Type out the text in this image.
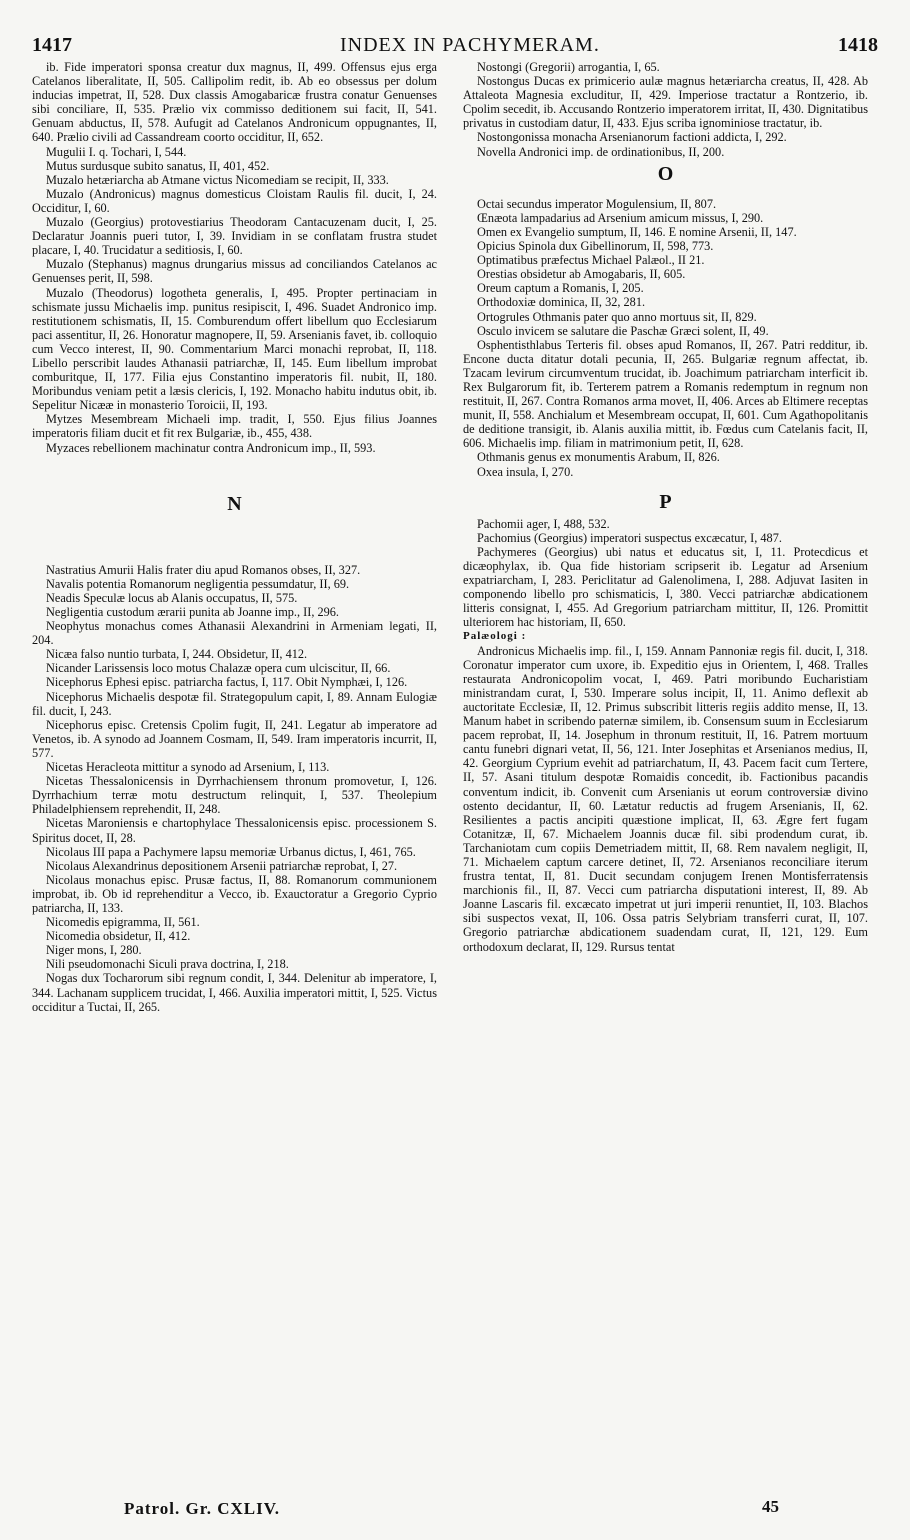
1417	INDEX IN PACHYMERAM.	1418

ib. Fide imperatori sponsa creatur dux magnus, II, 499. Offensus ejus erga Catelanos liberalitate, II, 505. Callipolim redit, ib. Ab eo obsessus per dolum inducias impetrat, II, 528. Dux classis Amogabaricæ frustra conatur Genuenses sibi conciliare, II, 535. Prælio vix commisso deditionem sui facit, II, 541. Genuam abductus, II, 578. Aufugit ad Catelanos Andronicum oppugnantes, II, 640. Prælio civili ad Cassandream coorto occiditur, II, 652.

Mugulii I. q. Tochari, I, 544.

Mutus surdusque subito sanatus, II, 401, 452.

Muzalo hetæriarcha ab Atmane victus Nicomediam se recipit, II, 333.

Muzalo (Andronicus) magnus domesticus Cloistam Raulis fil. ducit, I, 24. Occiditur, I, 60.

Muzalo (Georgius) protovestiarius Theodoram Cantacuzenam ducit, I, 25. Declaratur Joannis pueri tutor, I, 39. Invidiam in se conflatam frustra studet placare, I, 40. Trucidatur a seditiosis, I, 60.

Muzalo (Stephanus) magnus drungarius missus ad conciliandos Catelanos ac Genuenses perit, II, 598.

Muzalo (Theodorus) logotheta generalis, I, 495. Propter pertinaciam in schismate jussu Michaelis imp. punitus resipiscit, I, 496. Suadet Andronico imp. restitutionem schismatis, II, 15. Comburendum offert libellum quo Ecclesiarum paci assentitur, II, 26. Honoratur magnopere, II, 59. Arsenianis favet, ib. colloquio cum Vecco interest, II, 90. Commentarium Marci monachi reprobat, II, 118. Libello perscribit laudes Athanasii patriarchæ, II, 145. Eum libellum improbat comburitque, II, 177. Filia ejus Constantino imperatoris fil. nubit, II, 180. Moribundus veniam petit a læsis clericis, I, 192. Monacho habitu indutus obit, ib. Sepelitur Nicææ in monasterio Toroicii, II, 193.

Mytzes Mesembream Michaeli imp. tradit, I, 550. Ejus filius Joannes imperatoris filiam ducit et fit rex Bulgariæ, ib., 455, 438.

Myzaces rebellionem machinatur contra Andronicum imp., II, 593.

N

Nastratius Amurii Halis frater diu apud Romanos obses, II, 327.

Navalis potentia Romanorum negligentia pessumdatur, II, 69.

Neadis Speculæ locus ab Alanis occupatus, II, 575.

Negligentia custodum ærarii punita ab Joanne imp., II, 296.

Neophytus monachus comes Athanasii Alexandrini in Armeniam legati, II, 204.

Nicæa falso nuntio turbata, I, 244. Obsidetur, II, 412.

Nicander Larissensis loco motus Chalazæ opera cum ulciscitur, II, 66.

Nicephorus Ephesi episc. patriarcha factus, I, 117. Obit Nymphæi, I, 126.

Nicephorus Michaelis despotæ fil. Strategopulum capit, I, 89. Annam Eulogiæ fil. ducit, I, 243.

Nicephorus episc. Cretensis Cpolim fugit, II, 241. Legatur ab imperatore ad Venetos, ib. A synodo ad Joannem Cosmam, II, 549. Iram imperatoris incurrit, II, 577.

Nicetas Heracleota mittitur a synodo ad Arsenium, I, 113.

Nicetas Thessalonicensis in Dyrrhachiensem thronum promovetur, I, 126. Dyrrhachium terræ motu destructum relinquit, I, 537. Theolepium Philadelphiensem reprehendit, II, 248.

Nicetas Maroniensis e chartophylace Thessalonicensis episc. processionem S. Spiritus docet, II, 28.

Nicolaus III papa a Pachymere lapsu memoriæ Urbanus dictus, I, 461, 765.

Nicolaus Alexandrinus depositionem Arsenii patriarchæ reprobat, I, 27.

Nicolaus monachus episc. Prusæ factus, II, 88. Romanorum communionem improbat, ib. Ob id reprehenditur a Vecco, ib. Exauctoratur a Gregorio Cyprio patriarcha, II, 133.

Nicomedis epigramma, II, 561.

Nicomedia obsidetur, II, 412.

Niger mons, I, 280.

Nili pseudomonachi Siculi prava doctrina, I, 218.

Nogas dux Tocharorum sibi regnum condit, I, 344. Delenitur ab imperatore, I, 344. Lachanam supplicem trucidat, I, 466. Auxilia imperatori mittit, I, 525. Victus occiditur a Tuctai, II, 265.

Nostongi (Gregorii) arrogantia, I, 65.

Nostongus Ducas ex primicerio aulæ magnus hetæriarcha creatus, II, 428. Ab Attaleota Magnesia excluditur, II, 429. Imperiose tractatur a Rontzerio, ib. Cpolim secedit, ib. Accusando Rontzerio imperatorem irritat, II, 430. Dignitatibus privatus in custodiam datur, II, 433. Ejus scriba ignominiose tractatur, ib.

Nostongonissa monacha Arsenianorum factioni addicta, I, 292.

Novella Andronici imp. de ordinationibus, II, 200.

O

Octai secundus imperator Mogulensium, II, 807.

Œnæota lampadarius ad Arsenium amicum missus, I, 290.

Omen ex Evangelio sumptum, II, 146. E nomine Arsenii, II, 147.

Opicius Spinola dux Gibellinorum, II, 598, 773.

Optimatibus præfectus Michael Palæol., II 21.

Orestias obsidetur ab Amogabaris, II, 605.

Oreum captum a Romanis, I, 205.

Orthodoxiæ dominica, II, 32, 281.

Ortogrules Othmanis pater quo anno mortuus sit, II, 829.

Osculo invicem se salutare die Paschæ Græci solent, II, 49.

Osphentisthlabus Terteris fil. obses apud Romanos, II, 267. Patri redditur, ib. Encone ducta ditatur dotali pecunia, II, 265. Bulgariæ regnum affectat, ib. Tzacam levirum circumventum trucidat, ib. Joachimum patriarcham interficit ib. Rex Bulgarorum fit, ib. Terterem patrem a Romanis redemptum in regnum non restituit, II, 267. Contra Romanos arma movet, II, 406. Arces ab Eltimere receptas munit, II, 558. Anchialum et Mesembream occupat, II, 601. Cum Agathopolitanis de deditione transigit, ib. Alanis auxilia mittit, ib. Fœdus cum Catelanis facit, II, 606. Michaelis imp. filiam in matrimonium petit, II, 628.

Othmanis genus ex monumentis Arabum, II, 826.

Oxea insula, I, 270.

P

Pachomii ager, I, 488, 532.

Pachomius (Georgius) imperatori suspectus excæcatur, I, 487.

Pachymeres (Georgius) ubi natus et educatus sit, I, 11. Protecdicus et dicæophylax, ib. Qua fide historiam scripserit ib. Legatur ad Arsenium expatriarcham, I, 283. Periclitatur ad Galenolimena, I, 288. Adjuvat Iasiten in componendo libello pro schismaticis, I, 380. Vecci patriarchæ abdicationem litteris consignat, I, 455. Ad Gregorium patriarcham mittitur, II, 126. Promittit ulteriorem hac historiam, II, 650.

Palæologi :

Andronicus Michaelis imp. fil., I, 159. Annam Pannoniæ regis fil. ducit, I, 318. Coronatur imperator cum uxore, ib. Expeditio ejus in Orientem, I, 468. Tralles restaurata Andronicopolim vocat, I, 469. Patri moribundo Eucharistiam ministrandam curat, I, 530. Imperare solus incipit, II, 11. Animo deflexit ab auctoritate Ecclesiæ, II, 12. Primus subscribit litteris regiis addito mense, II, 13. Manum habet in scribendo paternæ similem, ib. Consensum suum in Ecclesiarum pacem reprobat, II, 14. Josephum in thronum restituit, II, 16. Patrem mortuum cantu funebri dignari vetat, II, 56, 121. Inter Josephitas et Arsenianos medius, II, 42. Georgium Cyprium evehit ad patriarchatum, II, 43. Pacem facit cum Tertere, II, 57. Asani titulum despotæ Romaidis concedit, ib. Factionibus pacandis conventum indicit, ib. Convenit cum Arsenianis ut eorum controversiæ divino ostento decidantur, II, 60. Lætatur reductis ad frugem Arsenianis, II, 62. Resilientes a pactis ancipiti quæstione implicat, II, 63. Ægre fert fugam Cotanitzæ, II, 67. Michaelem Joannis ducæ fil. sibi prodendum curat, ib. Tarchaniotam cum copiis Demetriadem mittit, II, 68. Rem navalem negligit, II, 71. Michaelem captum carcere detinet, II, 72. Arsenianos reconciliare iterum frustra tentat, II, 81. Ducit secundam conjugem Irenen Montisferratensis marchionis fil., II, 87. Vecci cum patriarcha disputationi interest, II, 89. Ab Joanne Lascaris fil. excæcato impetrat ut juri imperii renuntiet, II, 103. Blachos sibi suspectos vexat, II, 106. Ossa patris Selybriam transferri curat, II, 107. Gregorio patriarchæ abdicationem suadendam curat, II, 121, 129. Eum orthodoxum declarat, II, 129. Rursus tentat

Patrol. Gr. CXLIV.	45
